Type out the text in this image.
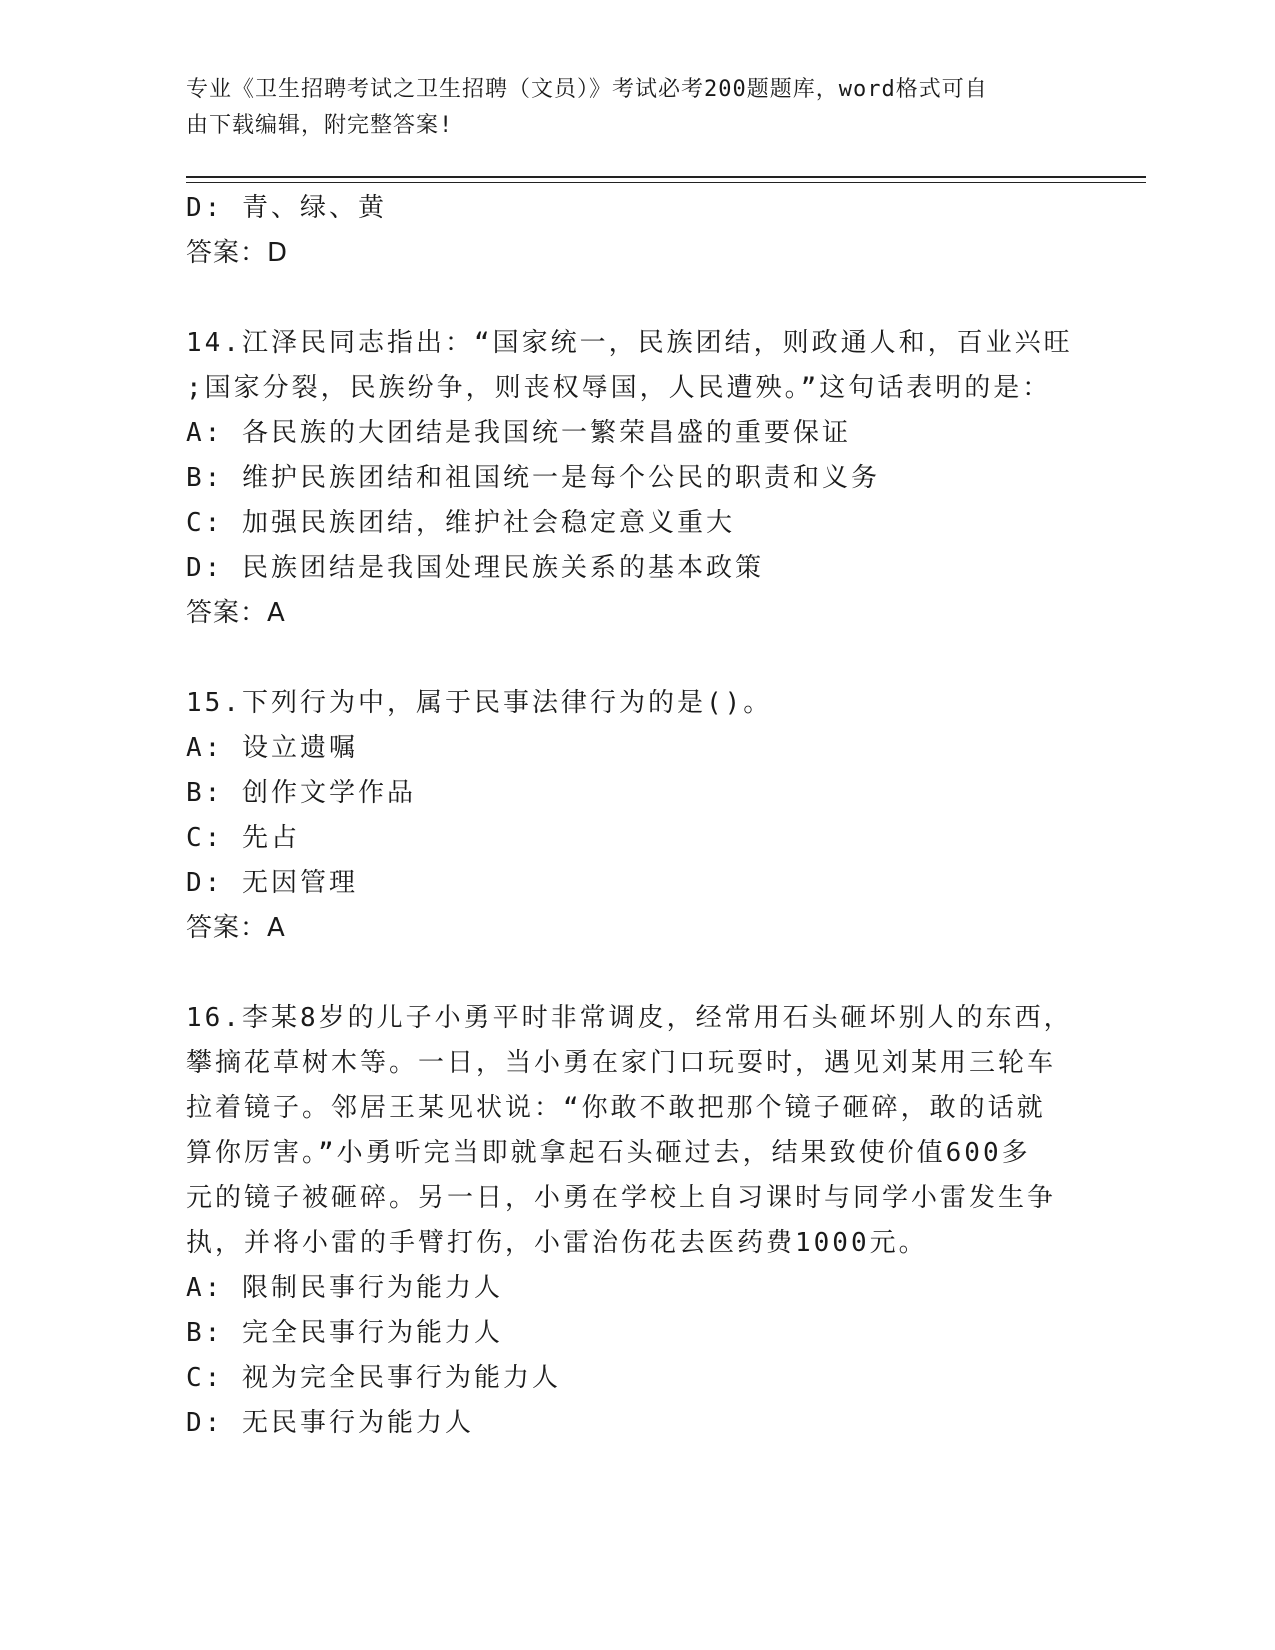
专业《卫生招聘考试之卫生招聘（文员）》考试必考200题题库，word格式可自
由下载编辑，附完整答案!
D: 青、绿、黄
答案：D
14.江泽民同志指出：“国家统一，民族团结，则政通人和，百业兴旺
;国家分裂，民族纷争，则丧权辱国，人民遭殃。”这句话表明的是：
A: 各民族的大团结是我国统一繁荣昌盛的重要保证
B: 维护民族团结和祖国统一是每个公民的职责和义务
C: 加强民族团结，维护社会稳定意义重大
D: 民族团结是我国处理民族关系的基本政策
答案：A
15.下列行为中，属于民事法律行为的是()。
A: 设立遗嘱
B: 创作文学作品
C: 先占
D: 无因管理
答案：A
16.李某8岁的儿子小勇平时非常调皮，经常用石头砸坏别人的东西，
攀摘花草树木等。一日，当小勇在家门口玩耍时，遇见刘某用三轮车
拉着镜子。邻居王某见状说：“你敢不敢把那个镜子砸碎，敢的话就
算你厉害。”小勇听完当即就拿起石头砸过去，结果致使价值600多
元的镜子被砸碎。另一日，小勇在学校上自习课时与同学小雷发生争
执，并将小雷的手臂打伤，小雷治伤花去医药费1000元。
A: 限制民事行为能力人
B: 完全民事行为能力人
C: 视为完全民事行为能力人
D: 无民事行为能力人
